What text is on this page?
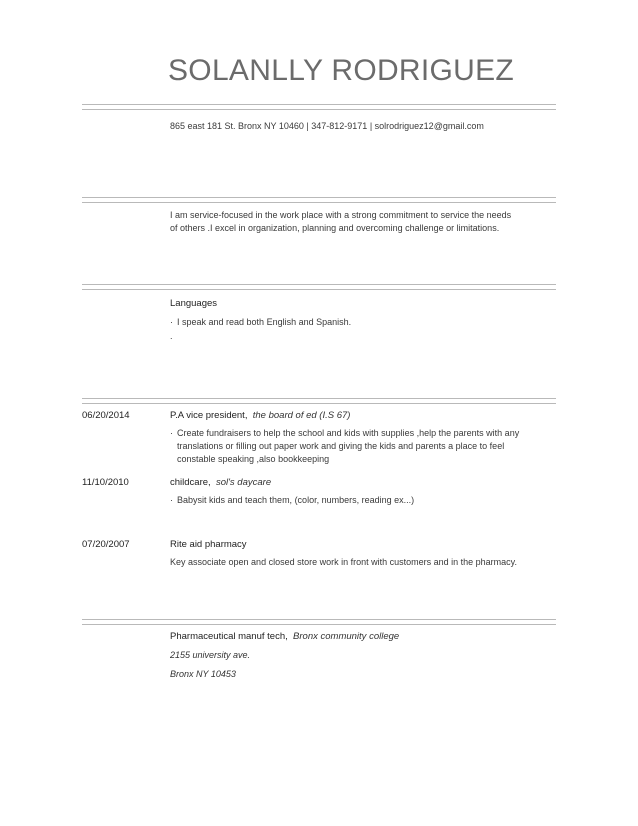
SOLANLLY RODRIGUEZ
865 east 181 St. Bronx NY 10460 | 347-812-9171 | solrodriguez12@gmail.com
I am service-focused in the work place with a strong commitment to service the needs
of others .I excel in organization, planning and overcoming challenge or limitations.
Languages
· I speak and read both English and Spanish.
.
06/20/2014	P.A vice president, the board of ed (I.S 67)
· Create fundraisers to help the school and kids with supplies ,help the parents with any
translations or filling out paper work and giving the kids and parents a place to feel
constable speaking ,also bookkeeping
11/10/2010	childcare, sol's daycare
· Babysit kids and teach them, (color, numbers, reading ex...)
07/20/2007	Rite aid pharmacy
Key associate open and closed store work in front with customers and in the pharmacy.
Pharmaceutical manuf tech, Bronx community college
2155 university ave.
Bronx NY 10453
